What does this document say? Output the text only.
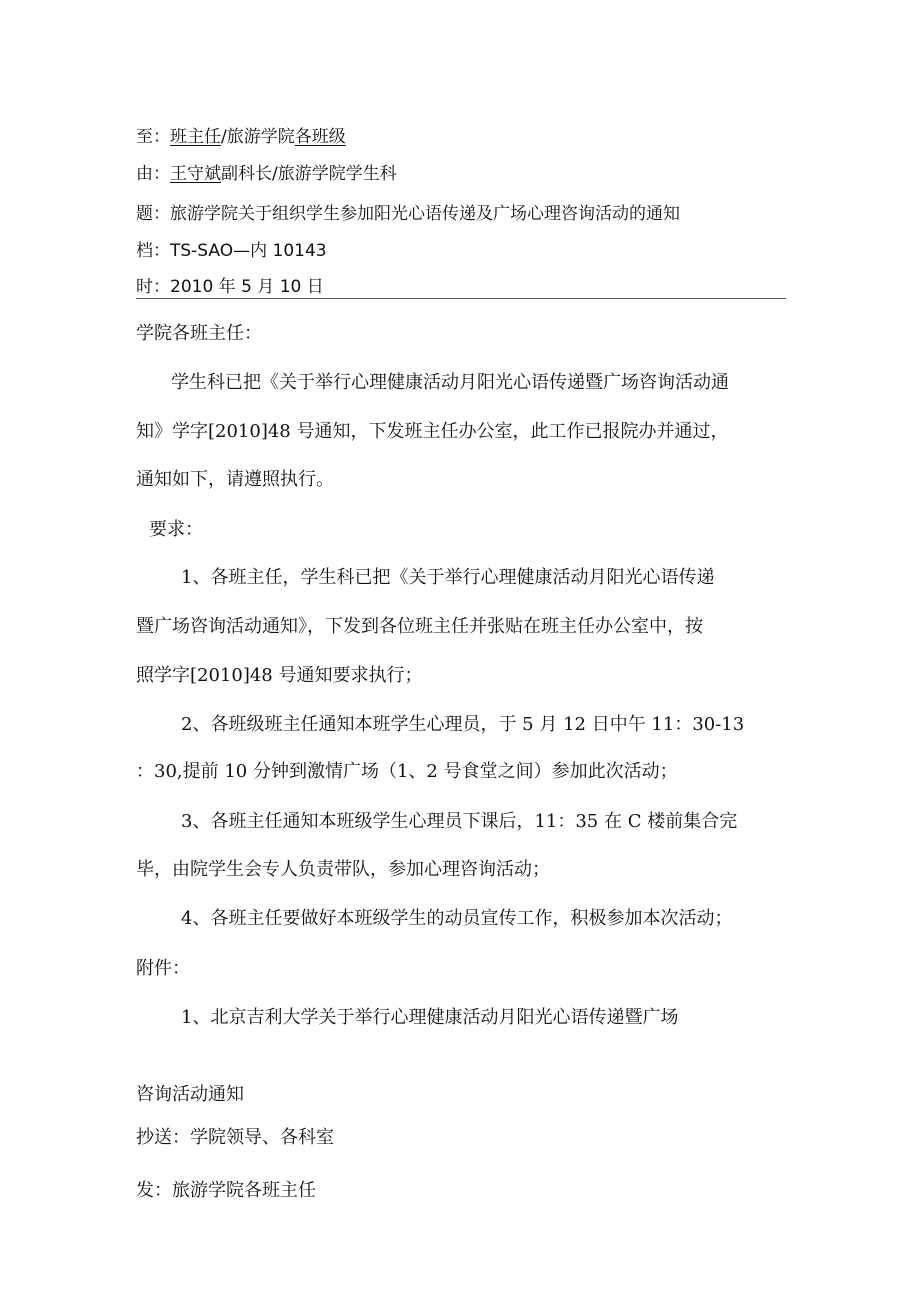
至：班主任/旅游学院各班级
由：王守斌副科长/旅游学院学生科
题：旅游学院关于组织学生参加阳光心语传递及广场心理咨询活动的通知
档：TS-SAO—内 10143
时：2010 年 5 月 10 日
学院各班主任：
学生科已把《关于举行心理健康活动月阳光心语传递暨广场咨询活动通
知》学字[2010]48 号通知，下发班主任办公室，此工作已报院办并通过，
通知如下，请遵照执行。
要求：
1、各班主任，学生科已把《关于举行心理健康活动月阳光心语传递
暨广场咨询活动通知》，下发到各位班主任并张贴在班主任办公室中，按
照学字[2010]48 号通知要求执行；
2、各班级班主任通知本班学生心理员，于 5 月 12 日中午 11：30-13
：30,提前 10 分钟到激情广场（1、2 号食堂之间）参加此次活动；
3、各班主任通知本班级学生心理员下课后，11：35 在 C 楼前集合完
毕，由院学生会专人负责带队，参加心理咨询活动；
4、各班主任要做好本班级学生的动员宣传工作，积极参加本次活动；
附件：
1、北京吉利大学关于举行心理健康活动月阳光心语传递暨广场
咨询活动通知
抄送：学院领导、各科室
发：旅游学院各班主任
